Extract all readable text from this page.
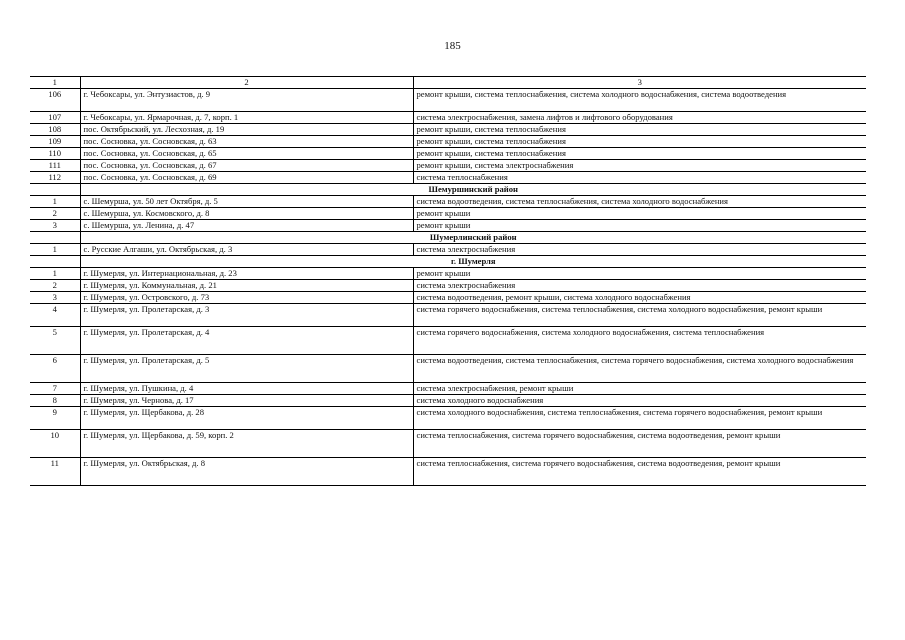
185
1	2	3
106	г. Чебоксары, ул. Энтузиастов, д. 9	ремонт крыши, система теплоснабжения, система холодного водоснабжения, система водоотведения
107	г. Чебоксары, ул. Ярмарочная, д. 7, корп. 1	система электроснабжения, замена лифтов и лифтового оборудования
108	пос. Октябрьский, ул. Лесхозная, д. 19	ремонт крыши, система теплоснабжения
109	пос. Сосновка, ул. Сосновская, д. 63	ремонт крыши, система теплоснабжения
110	пос. Сосновка, ул. Сосновская, д. 65	ремонт крыши, система теплоснабжения
111	пос. Сосновка, ул. Сосновская, д. 67	ремонт крыши, система электроснабжения
112	пос. Сосновка, ул. Сосновская, д. 69	система теплоснабжения
	Шемуршинский район	
1	с. Шемурша, ул. 50 лет Октября, д. 5	система водоотведения, система теплоснабжения, система холодного водоснабжения
2	с. Шемурша, ул. Космовского, д. 8	ремонт крыши
3	с. Шемурша, ул. Ленина, д. 47	ремонт крыши
	Шумерлинский район	
1	с. Русские Алгаши, ул. Октябрьская, д. 3	система электроснабжения
	г. Шумерля	
1	г. Шумерля, ул. Интернациональная, д. 23	ремонт крыши
2	г. Шумерля, ул. Коммунальная, д. 21	система электроснабжения
3	г. Шумерля, ул. Островского, д. 73	система водоотведения, ремонт крыши, система холодного водоснабжения
4	г. Шумерля, ул. Пролетарская, д. 3	система горячего водоснабжения, система теплоснабжения, система холодного водоснабжения, ремонт крыши
5	г. Шумерля, ул. Пролетарская, д. 4	система горячего водоснабжения, система холодного водоснабжения, система теплоснабжения
6	г. Шумерля, ул. Пролетарская, д. 5	система водоотведения, система теплоснабжения, система горячего водоснабжения, система холодного водоснабжения
7	г. Шумерля, ул. Пушкина, д. 4	система электроснабжения, ремонт крыши
8	г. Шумерля, ул. Чернова, д. 17	система холодного водоснабжения
9	г. Шумерля, ул. Щербакова, д. 28	система холодного водоснабжения, система теплоснабжения, система горячего водоснабжения, ремонт крыши
10	г. Шумерля, ул. Щербакова, д. 59, корп. 2	система теплоснабжения, система горячего водоснабжения, система водоотведения, ремонт крыши
11	г. Шумерля, ул. Октябрьская, д. 8	система теплоснабжения, система горячего водоснабжения, система водоотведения, ремонт крыши
